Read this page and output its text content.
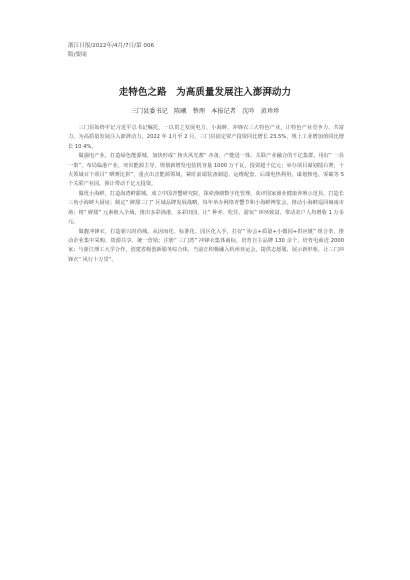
浙江日报/2022年/4月/7日/第 006
版/要闻
走特色之路　为高质量发展注入澎湃动力
三门县委书记　陈曦　整理　本报记者　沈吟　黄珍珍

三门县始终牢记习近平总书记嘱托，一以贯之发展电力、小海鲜、冲锋衣三大特色产业，让特色产业竞争力、共富力，为高质量发展注入澎湃动力。2022 年 1月至 2 月，三门县固定资产投资同比增长 23.5%，规上工业增加值同比增长 10.4%。

做强电产业，打造绿色能源城。加快形成“ 核火风光蓄” 齐备，产能进一体、关联产业融合的千亿集群。用好“ 一县一策”，布局临港产业，突出能源主导，规划新增发电装机容量 1000 万千瓦，投资超千亿元；举办项目谋划擂台赛，十大领域百个项目“ 晒赛比拼”，重点出击能源领域，紧盯前端装备制造、运维配套、后端电热利用，谋划核电、零碳等 5 个关联产业园，预计带动千亿元投资。

做优小海鲜，打造海湾鲜甜城。成立中国青蟹研究院，探索渔塘数字化管理，获评国家渔业健康养殖示范县，打造长三角小海鲜大厨房；制定“ 鲜甜三门” 区域品牌发展战略，每年举办网络青蟹节和小海鲜博览会，推动小海鲜巡回闽南市场；将“ 鲜甜” 元素植入全域，推出多彩渔港、多彩田园，让“ 种养、吃住、游玩” 环环致富，带动农户人均增收 1 万多元。

做靓冲锋衣，打造新兴时尚城。从因而化、标准化、园区化入手，打好“ 协会+质量+小微园+供应链” 组合拳，推动企业集中采购、资源共享、统一营销；注册“ 三门湾” 冲锋衣集体商标，培育自主品牌 130 余个，培育电商近 2000 家；与浙江理工大学合作，创建省级创新服务综合体，当前正积极融入杭州亚运会，提供志愿服，展示新形象，让三门冲锋衣“ 风行十万里”。
